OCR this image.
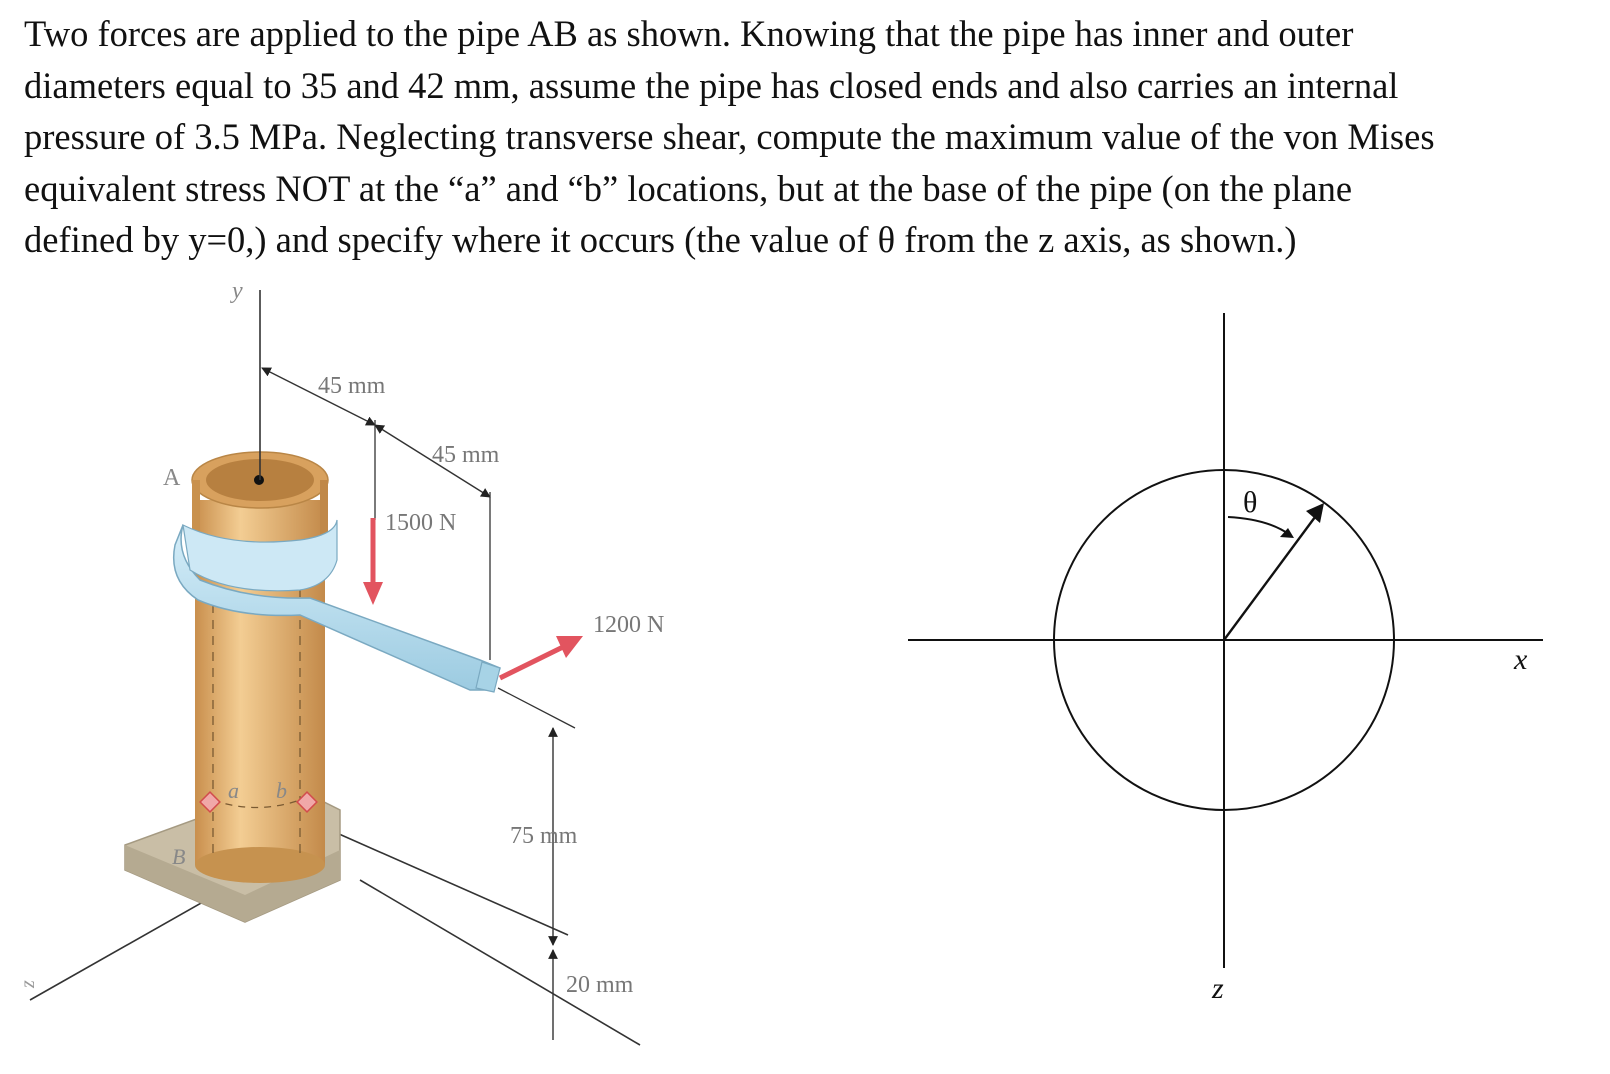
Two forces are applied to the pipe AB as shown. Knowing that the pipe has inner and outer
diameters equal to 35 and 42 mm, assume the pipe has closed ends and also carries an internal
pressure of 3.5 MPa. Neglecting transverse shear, compute the maximum value of the von Mises
equivalent stress NOT at the “a” and “b” locations, but at the base of the pipe (on the plane
defined by y=0,) and specify where it occurs (the value of θ from the z axis, as shown.)
y
45 mm
45 mm
1500 N
1200 N
75 mm
20 mm
a b
A
B
z
θ
x
z
